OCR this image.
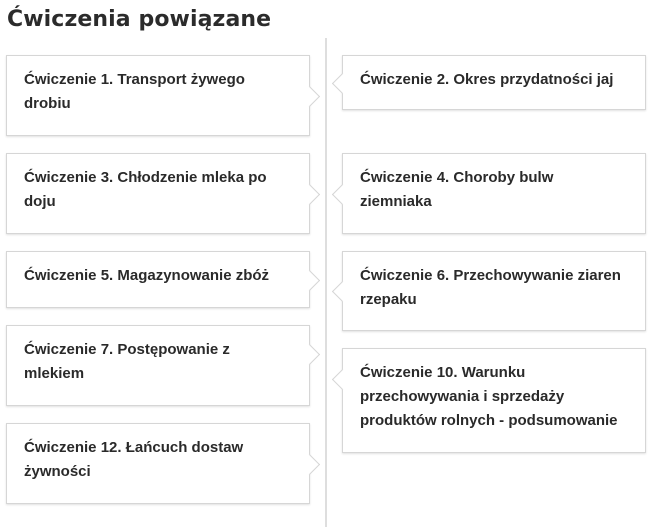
Ćwiczenia powiązane
Ćwiczenie 1. Transport żywego drobiu
Ćwiczenie 2. Okres przydatności jaj
Ćwiczenie 3. Chłodzenie mleka po doju
Ćwiczenie 4. Choroby bulw ziemniaka
Ćwiczenie 5. Magazynowanie zbóż	Ćwiczenie 6. Przechowywanie ziaren rzepaku
Ćwiczenie 7. Postępowanie z mlekiem	Ćwiczenie 10. Warunku przechowywania i sprzedaży produktów rolnych - podsumowanie
Ćwiczenie 12. Łańcuch dostaw żywności
